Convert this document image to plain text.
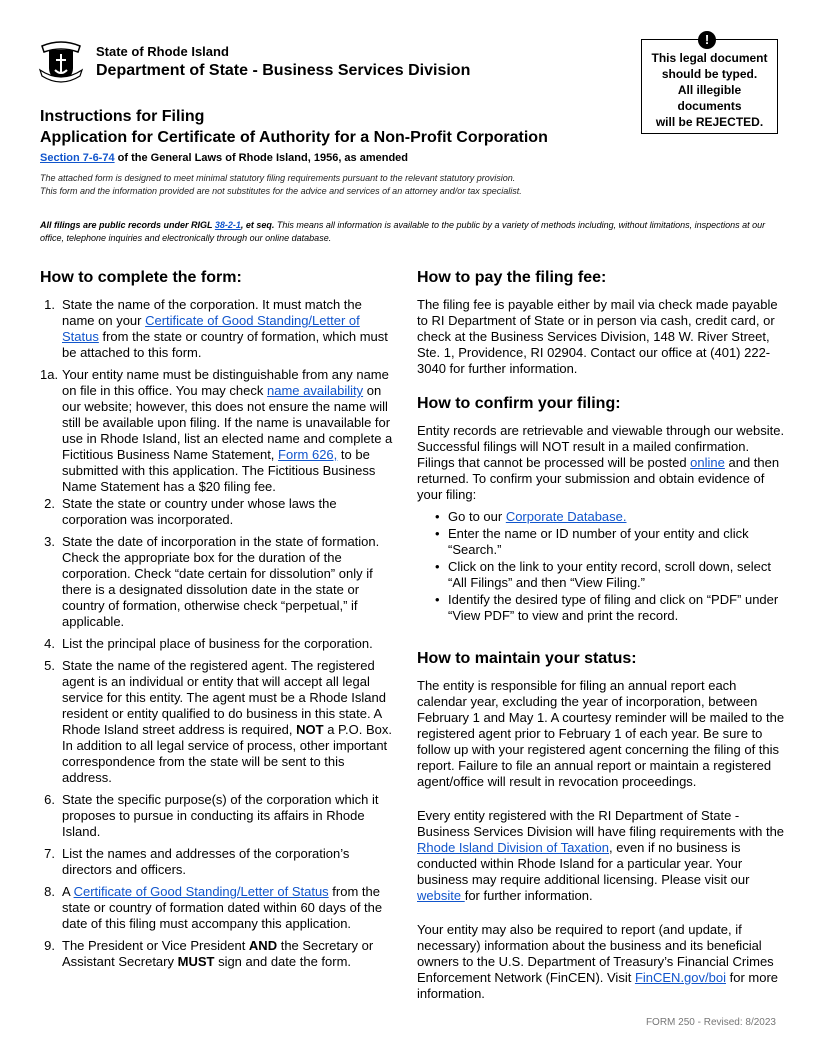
State of Rhode Island
Department of State - Business Services Division
This legal document
should be typed.
All illegible
documents
will be REJECTED.
!
Instructions for Filing
Application for Certificate of Authority for a Non-Profit Corporation
Section 7-6-74 of the General Laws of Rhode Island, 1956, as amended
The attached form is designed to meet minimal statutory filing requirements pursuant to the relevant statutory provision.
This form and the information provided are not substitutes for the advice and services of an attorney and/or tax specialist.
All filings are public records under RIGL 38-2-1, et seq. This means all information is available to the public by a variety of methods including, without limitations, inspections at our office, telephone inquiries and electronically through our online database.
How to complete the form:
1. State the name of the corporation. It must match the name on your Certificate of Good Standing/Letter of Status from the state or country of formation, which must be attached to this form.
1a. Your entity name must be distinguishable from any name on file in this office. You may check name availability on our website; however, this does not ensure the name will still be available upon filing. If the name is unavailable for use in Rhode Island, list an elected name and complete a Fictitious Business Name Statement, Form 626, to be submitted with this application. The Fictitious Business Name Statement has a $20 filing fee.
2. State the state or country under whose laws the corporation was incorporated.
3. State the date of incorporation in the state of formation. Check the appropriate box for the duration of the corporation. Check “date certain for dissolution” only if there is a designated dissolution date in the state or country of formation, otherwise check “perpetual,” if applicable.
4. List the principal place of business for the corporation.
5. State the name of the registered agent. The registered agent is an individual or entity that will accept all legal service for this entity. The agent must be a Rhode Island resident or entity qualified to do business in this state. A Rhode Island street address is required, NOT a P.O. Box. In addition to all legal service of process, other important correspondence from the state will be sent to this address.
6. State the specific purpose(s) of the corporation which it proposes to pursue in conducting its affairs in Rhode Island.
7. List the names and addresses of the corporation’s directors and officers.
8. A Certificate of Good Standing/Letter of Status from the state or country of formation dated within 60 days of the date of this filing must accompany this application.
9. The President or Vice President AND the Secretary or Assistant Secretary MUST sign and date the form.
How to pay the filing fee:
The filing fee is payable either by mail via check made payable to RI Department of State or in person via cash, credit card, or check at the Business Services Division, 148 W. River Street, Ste. 1, Providence, RI 02904. Contact our office at (401) 222-3040 for further information.
How to confirm your filing:
Entity records are retrievable and viewable through our website. Successful filings will NOT result in a mailed confirmation. Filings that cannot be processed will be posted online and then returned. To confirm your submission and obtain evidence of your filing:
• Go to our Corporate Database.
• Enter the name or ID number of your entity and click “Search.”
• Click on the link to your entity record, scroll down, select “All Filings” and then “View Filing.”
• Identify the desired type of filing and click on “PDF” under “View PDF” to view and print the record.
How to maintain your status:
The entity is responsible for filing an annual report each calendar year, excluding the year of incorporation, between February 1 and May 1. A courtesy reminder will be mailed to the registered agent prior to February 1 of each year. Be sure to follow up with your registered agent concerning the filing of this report. Failure to file an annual report or maintain a registered agent/office will result in revocation proceedings.
Every entity registered with the RI Department of State - Business Services Division will have filing requirements with the Rhode Island Division of Taxation, even if no business is conducted within Rhode Island for a particular year. Your business may require additional licensing. Please visit our website for further information.
Your entity may also be required to report (and update, if necessary) information about the business and its beneficial owners to the U.S. Department of Treasury’s Financial Crimes Enforcement Network (FinCEN). Visit FinCEN.gov/boi for more information.
FORM 250 - Revised: 8/2023
